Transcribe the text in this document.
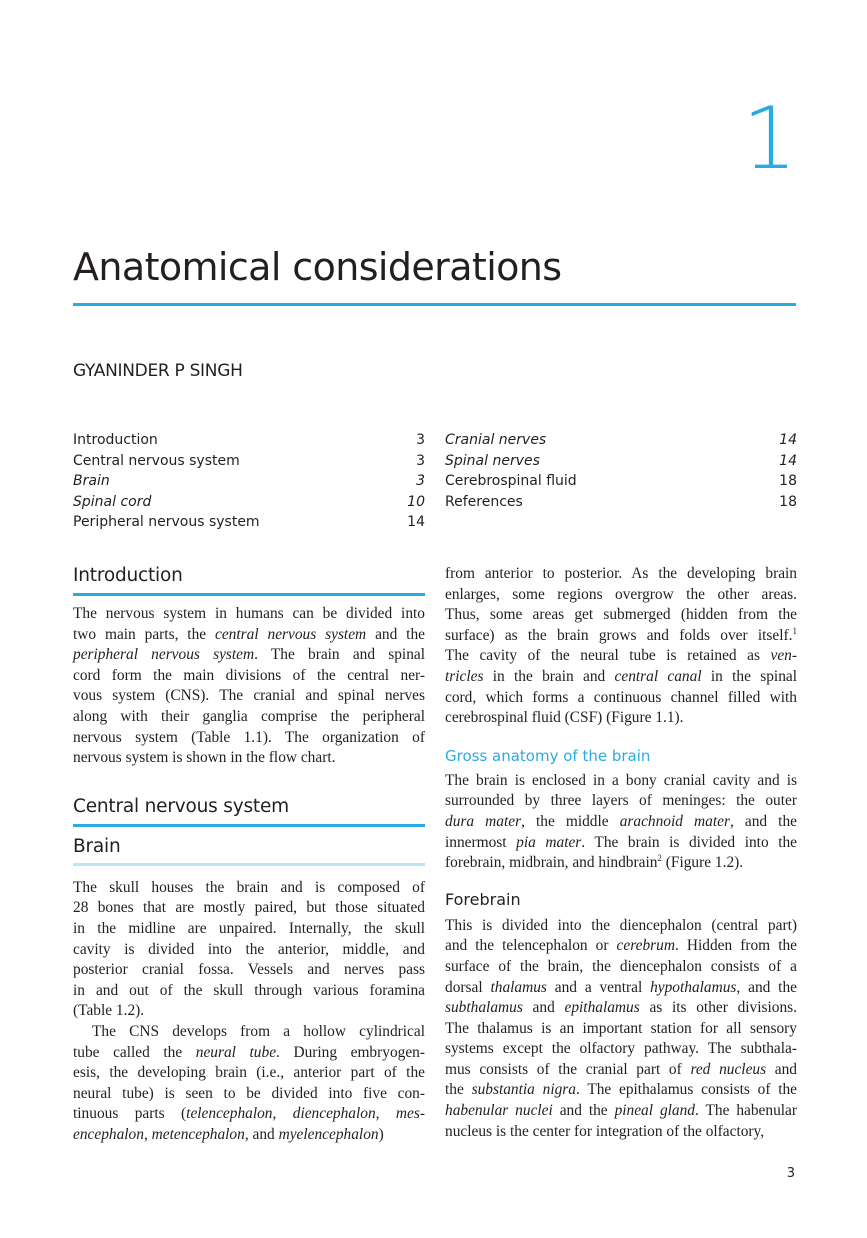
1
Anatomical considerations
GYANINDER P SINGH
Introduction	3
Central nervous system	3
Brain	3
Spinal cord	10
Peripheral nervous system	14
Cranial nerves	14
Spinal nerves	14
Cerebrospinal fluid	18
References	18
Introduction
The nervous system in humans can be divided into
two main parts, the central nervous system and the
peripheral nervous system. The brain and spinal
cord form the main divisions of the central ner-
vous system (CNS). The cranial and spinal nerves
along with their ganglia comprise the peripheral
nervous system (Table 1.1). The organization of
nervous system is shown in the flow chart.
Central nervous system
Brain
The skull houses the brain and is composed of
28 bones that are mostly paired, but those situated
in the midline are unpaired. Internally, the skull
cavity is divided into the anterior, middle, and
posterior cranial fossa. Vessels and nerves pass
in and out of the skull through various foramina
(Table 1.2).
The CNS develops from a hollow cylindrical
tube called the neural tube. During embryogen-
esis, the developing brain (i.e., anterior part of the
neural tube) is seen to be divided into five con-
tinuous parts (telencephalon, diencephalon, mes-
encephalon, metencephalon, and myelencephalon)
from anterior to posterior. As the developing brain
enlarges, some regions overgrow the other areas.
Thus, some areas get submerged (hidden from the
surface) as the brain grows and folds over itself.$^1$
The cavity of the neural tube is retained as ven-
tricles in the brain and central canal in the spinal
cord, which forms a continuous channel filled with
cerebrospinal fluid (CSF) (Figure 1.1).
Gross anatomy of the brain
The brain is enclosed in a bony cranial cavity and is
surrounded by three layers of meninges: the outer
dura mater, the middle arachnoid mater, and the
innermost pia mater. The brain is divided into the
forebrain, midbrain, and hindbrain$^2$ (Figure 1.2).
Forebrain
This is divided into the diencephalon (central part)
and the telencephalon or cerebrum. Hidden from the
surface of the brain, the diencephalon consists of a
dorsal thalamus and a ventral hypothalamus, and the
subthalamus and epithalamus as its other divisions.
The thalamus is an important station for all sensory
systems except the olfactory pathway. The subthala-
mus consists of the cranial part of red nucleus and
the substantia nigra. The epithalamus consists of the
habenular nuclei and the pineal gland. The habenular
nucleus is the center for integration of the olfactory,
3
